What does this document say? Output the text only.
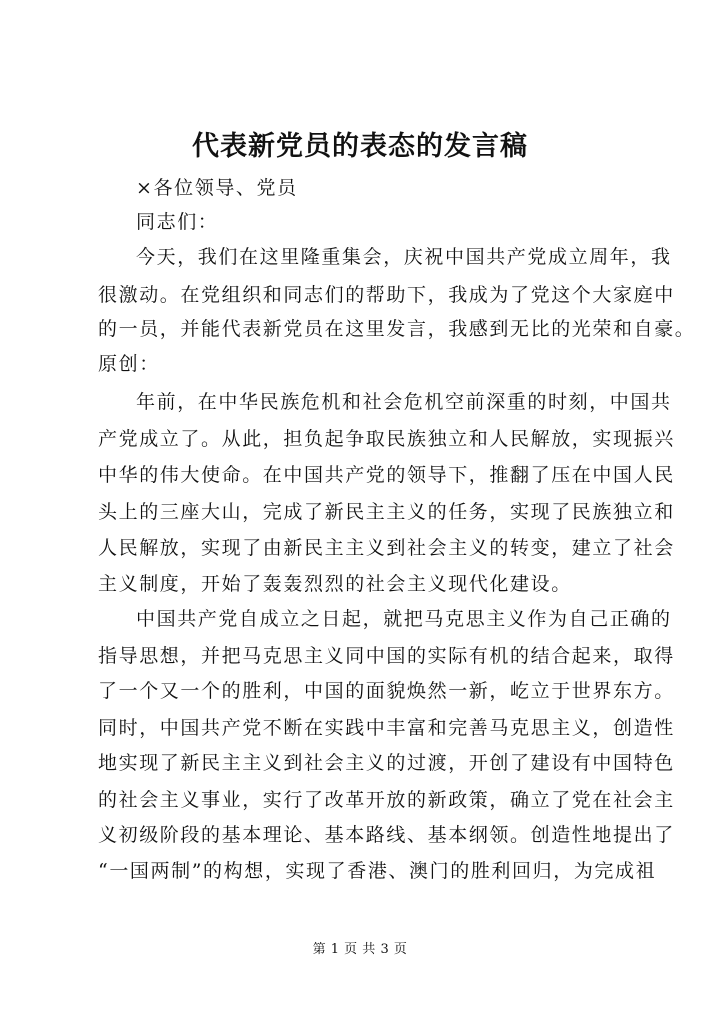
代表新党员的表态的发言稿
×各位领导、党员
同志们：
今天，我们在这里隆重集会，庆祝中国共产党成立周年，我
很激动。在党组织和同志们的帮助下，我成为了党这个大家庭中
的一员，并能代表新党员在这里发言，我感到无比的光荣和自豪。
原创：
年前，在中华民族危机和社会危机空前深重的时刻，中国共
产党成立了。从此，担负起争取民族独立和人民解放，实现振兴
中华的伟大使命。在中国共产党的领导下，推翻了压在中国人民
头上的三座大山，完成了新民主主义的任务，实现了民族独立和
人民解放，实现了由新民主主义到社会主义的转变，建立了社会
主义制度，开始了轰轰烈烈的社会主义现代化建设。
中国共产党自成立之日起，就把马克思主义作为自己正确的
指导思想，并把马克思主义同中国的实际有机的结合起来，取得
了一个又一个的胜利，中国的面貌焕然一新，屹立于世界东方。
同时，中国共产党不断在实践中丰富和完善马克思主义，创造性
地实现了新民主主义到社会主义的过渡，开创了建设有中国特色
的社会主义事业，实行了改革开放的新政策，确立了党在社会主
义初级阶段的基本理论、基本路线、基本纲领。创造性地提出了
“一国两制”的构想，实现了香港、澳门的胜利回归，为完成祖
第 1 页 共 3 页
